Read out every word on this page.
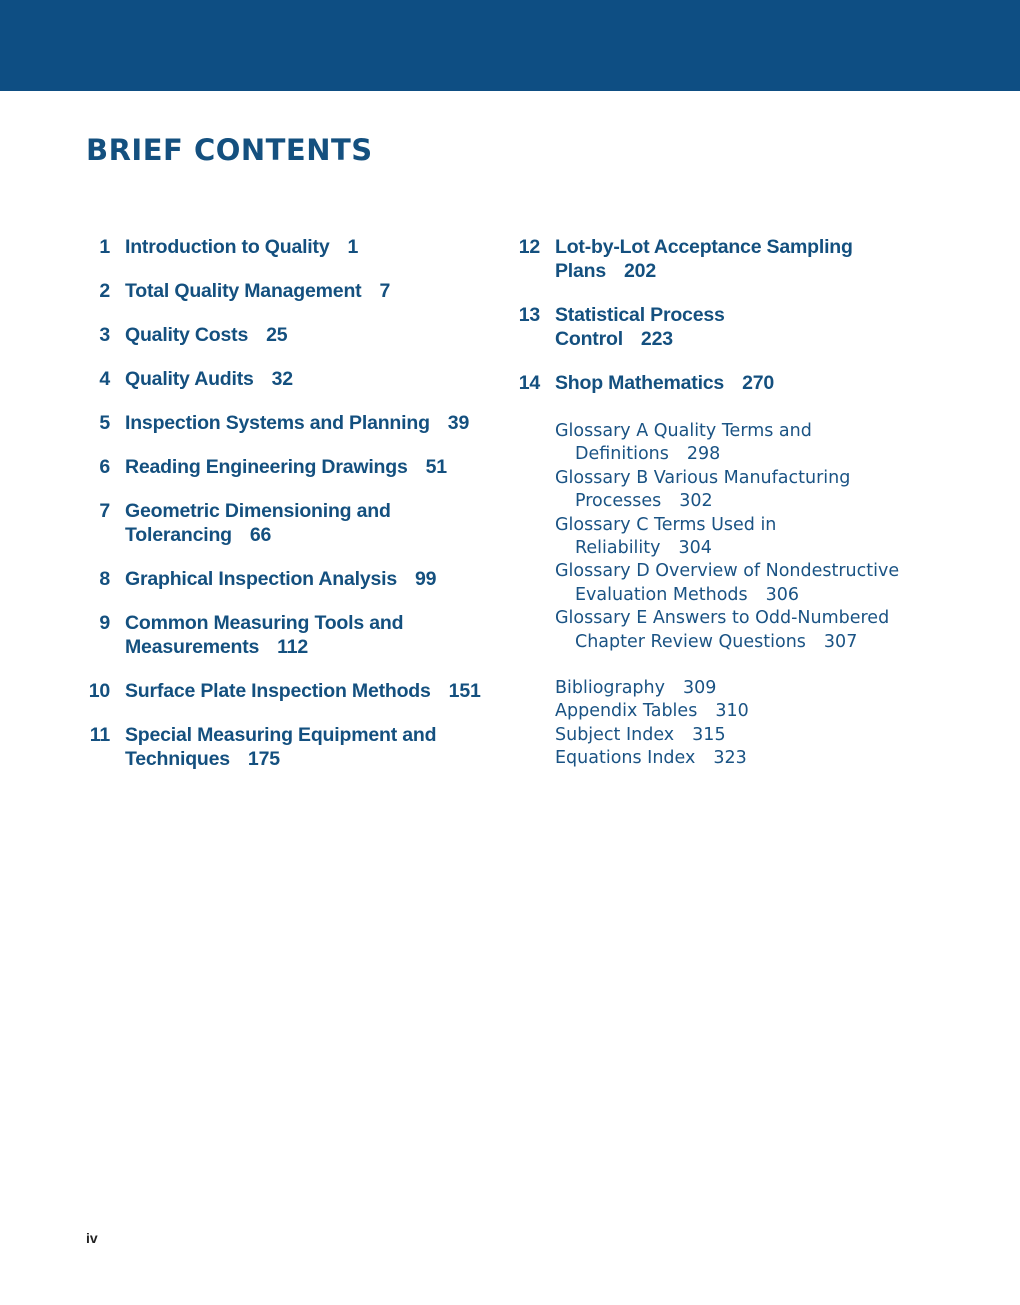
BRIEF CONTENTS
1 Introduction to Quality 1
2 Total Quality Management 7
3 Quality Costs 25
4 Quality Audits 32
5 Inspection Systems and Planning 39
6 Reading Engineering Drawings 51
7 Geometric Dimensioning and Tolerancing 66
8 Graphical Inspection Analysis 99
9 Common Measuring Tools and Measurements 112
10 Surface Plate Inspection Methods 151
11 Special Measuring Equipment and Techniques 175
12 Lot-by-Lot Acceptance Sampling Plans 202
13 Statistical Process Control 223
14 Shop Mathematics 270
Glossary A Quality Terms and Definitions 298
Glossary B Various Manufacturing Processes 302
Glossary C Terms Used in Reliability 304
Glossary D Overview of Nondestructive Evaluation Methods 306
Glossary E Answers to Odd-Numbered Chapter Review Questions 307
Bibliography 309
Appendix Tables 310
Subject Index 315
Equations Index 323
iv
